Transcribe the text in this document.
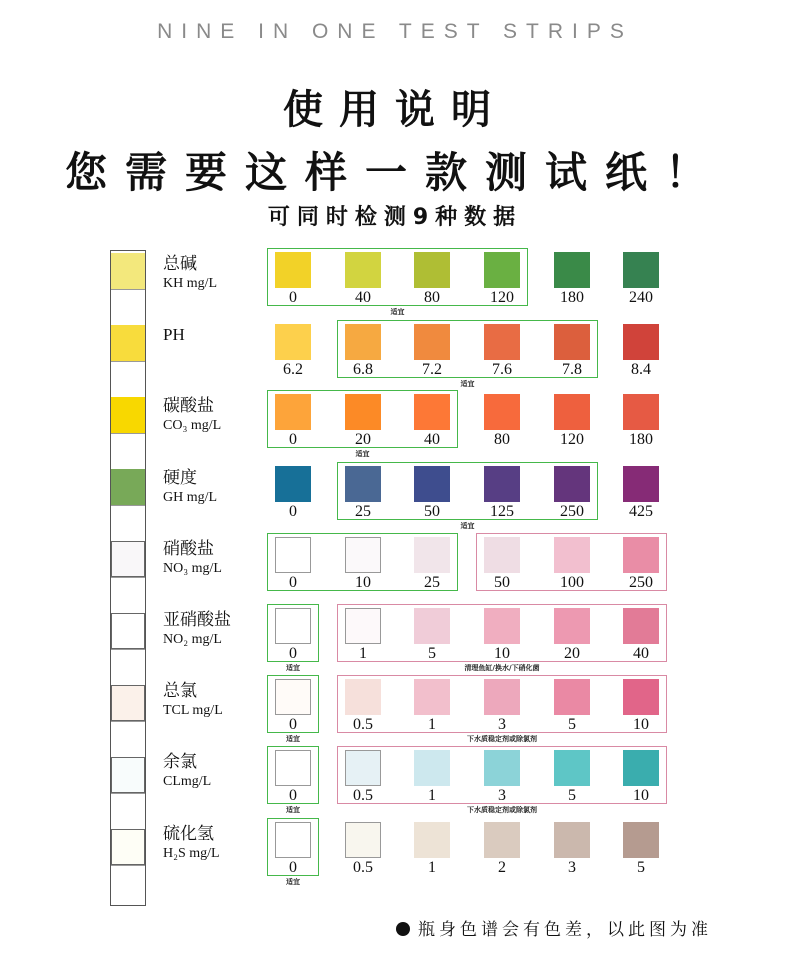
NINE IN ONE TEST STRIPS
使用说明
您需要这样一款测试纸！
可同时检测9种数据
总碱
KH mg/L
0	40	80	120	180	240
PH
6.2	6.8	7.2	7.6	7.8	8.4
碳酸盐
CO₃ mg/L
0	20	40	80	120	180
硬度
GH mg/L
0	25	50	125	250	425
硝酸盐
NO₃ mg/L
0	10	25	50	100	250
亚硝酸盐
NO₂ mg/L
0	1	5	10	20	40
总氯
TCL mg/L
0	0.5	1	3	5	10
余氯
CLmg/L
0	0.5	1	3	5	10
硫化氢
H₂S mg/L
0	0.5	1	2	3	5
适宜
适宜
适宜
适宜
适宜	清理鱼缸/换水/下硝化菌
适宜	下水质稳定剂或除氯剂
适宜	下水质稳定剂或除氯剂
适宜
瓶身色谱会有色差，以此图为准
